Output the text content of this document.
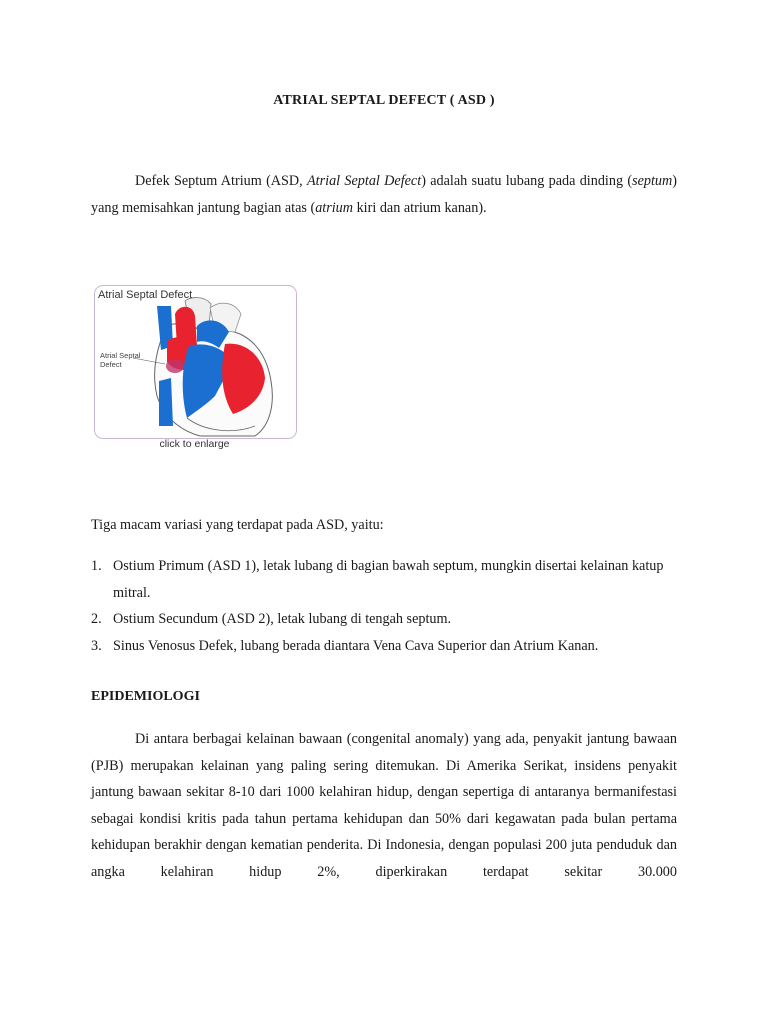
ATRIAL SEPTAL DEFECT ( ASD )
Defek Septum Atrium (ASD, Atrial Septal Defect) adalah suatu lubang pada dinding (septum) yang memisahkan jantung bagian atas (atrium kiri dan atrium kanan).
Atrial Septal Defect
Atrial Septal
Defect
click to enlarge
Tiga macam variasi yang terdapat pada ASD, yaitu:
1. Ostium Primum (ASD 1), letak lubang di bagian bawah septum, mungkin disertai kelainan katup mitral.
2. Ostium Secundum (ASD 2), letak lubang di tengah septum.
3. Sinus Venosus Defek, lubang berada diantara Vena Cava Superior dan Atrium Kanan.
EPIDEMIOLOGI
Di antara berbagai kelainan bawaan (congenital anomaly) yang ada, penyakit jantung bawaan (PJB) merupakan kelainan yang paling sering ditemukan. Di Amerika Serikat, insidens penyakit jantung bawaan sekitar 8-10 dari 1000 kelahiran hidup, dengan sepertiga di antaranya bermanifestasi sebagai kondisi kritis pada tahun pertama kehidupan dan 50% dari kegawatan pada bulan pertama kehidupan berakhir dengan kematian penderita. Di Indonesia, dengan populasi 200 juta penduduk dan angka kelahiran hidup 2%, diperkirakan terdapat sekitar 30.000
